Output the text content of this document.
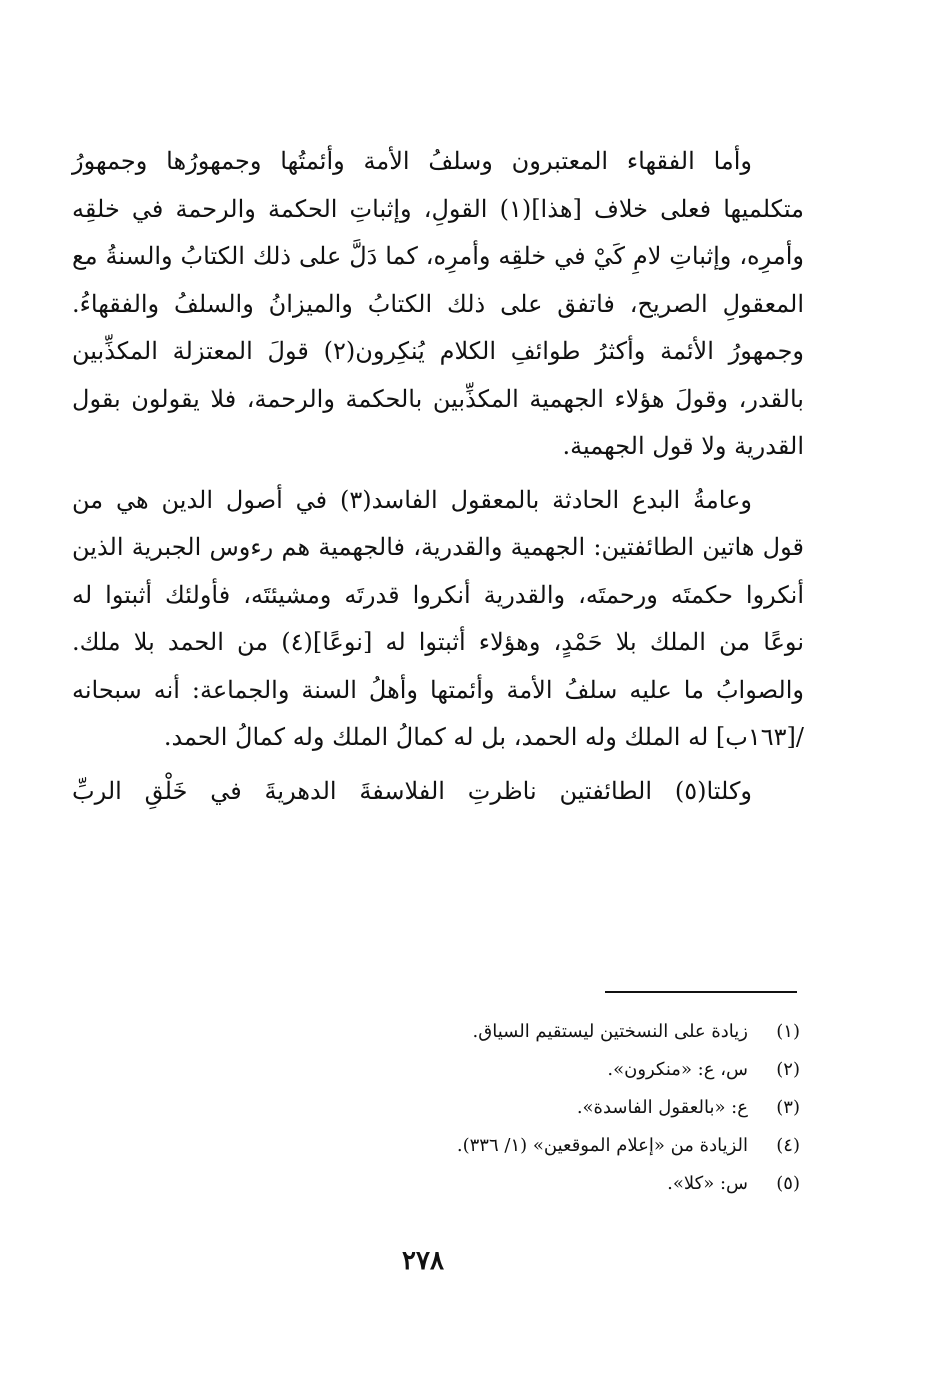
وأما الفقهاء المعتبرون وسلفُ الأمة وأئمتُها وجمهورُها وجمهورُ متكلميها فعلى خلاف [هذا](١) القولِ، وإثباتِ الحكمة والرحمة في خلقِه وأمرِه، وإثباتِ لامِ كَيْ في خلقِه وأمرِه، كما دَلَّ على ذلك الكتابُ والسنةُ مع المعقولِ الصريح، فاتفق على ذلك الكتابُ والميزانُ والسلفُ والفقهاءُ. وجمهورُ الأئمة وأكثرُ طوائفِ الكلام يُنكِرون(٢) قولَ المعتزلة المكذِّبين بالقدر، وقولَ هؤلاء الجهمية المكذِّبين بالحكمة والرحمة، فلا يقولون بقول القدرية ولا قول الجهمية.

وعامةُ البدع الحادثة بالمعقول الفاسد(٣) في أصول الدين هي من قول هاتين الطائفتين: الجهمية والقدرية، فالجهمية هم رءوس الجبرية الذين أنكروا حكمتَه ورحمتَه، والقدرية أنكروا قدرتَه ومشيئتَه، فأولئك أثبتوا له نوعًا من الملك بلا حَمْدٍ، وهؤلاء أثبتوا له [نوعًا](٤) من الحمد بلا ملك. والصوابُ ما عليه سلفُ الأمة وأئمتها وأهلُ السنة والجماعة: أنه سبحانه /[١٦٣ب] له الملك وله الحمد، بل له كمالُ الملك وله كمالُ الحمد.

وكلتا(٥) الطائفتين ناظرتِ الفلاسفةَ الدهريةَ في خَلْقِ الربِّ

(١)زيادة على النسختين ليستقيم السياق.
(٢)س، ع: «منكرون».
(٣)ع: «بالعقول الفاسدة».
(٤)الزيادة من «إعلام الموقعين» (١/ ٣٣٦).
(٥)س: «كلا».
٢٧٨
